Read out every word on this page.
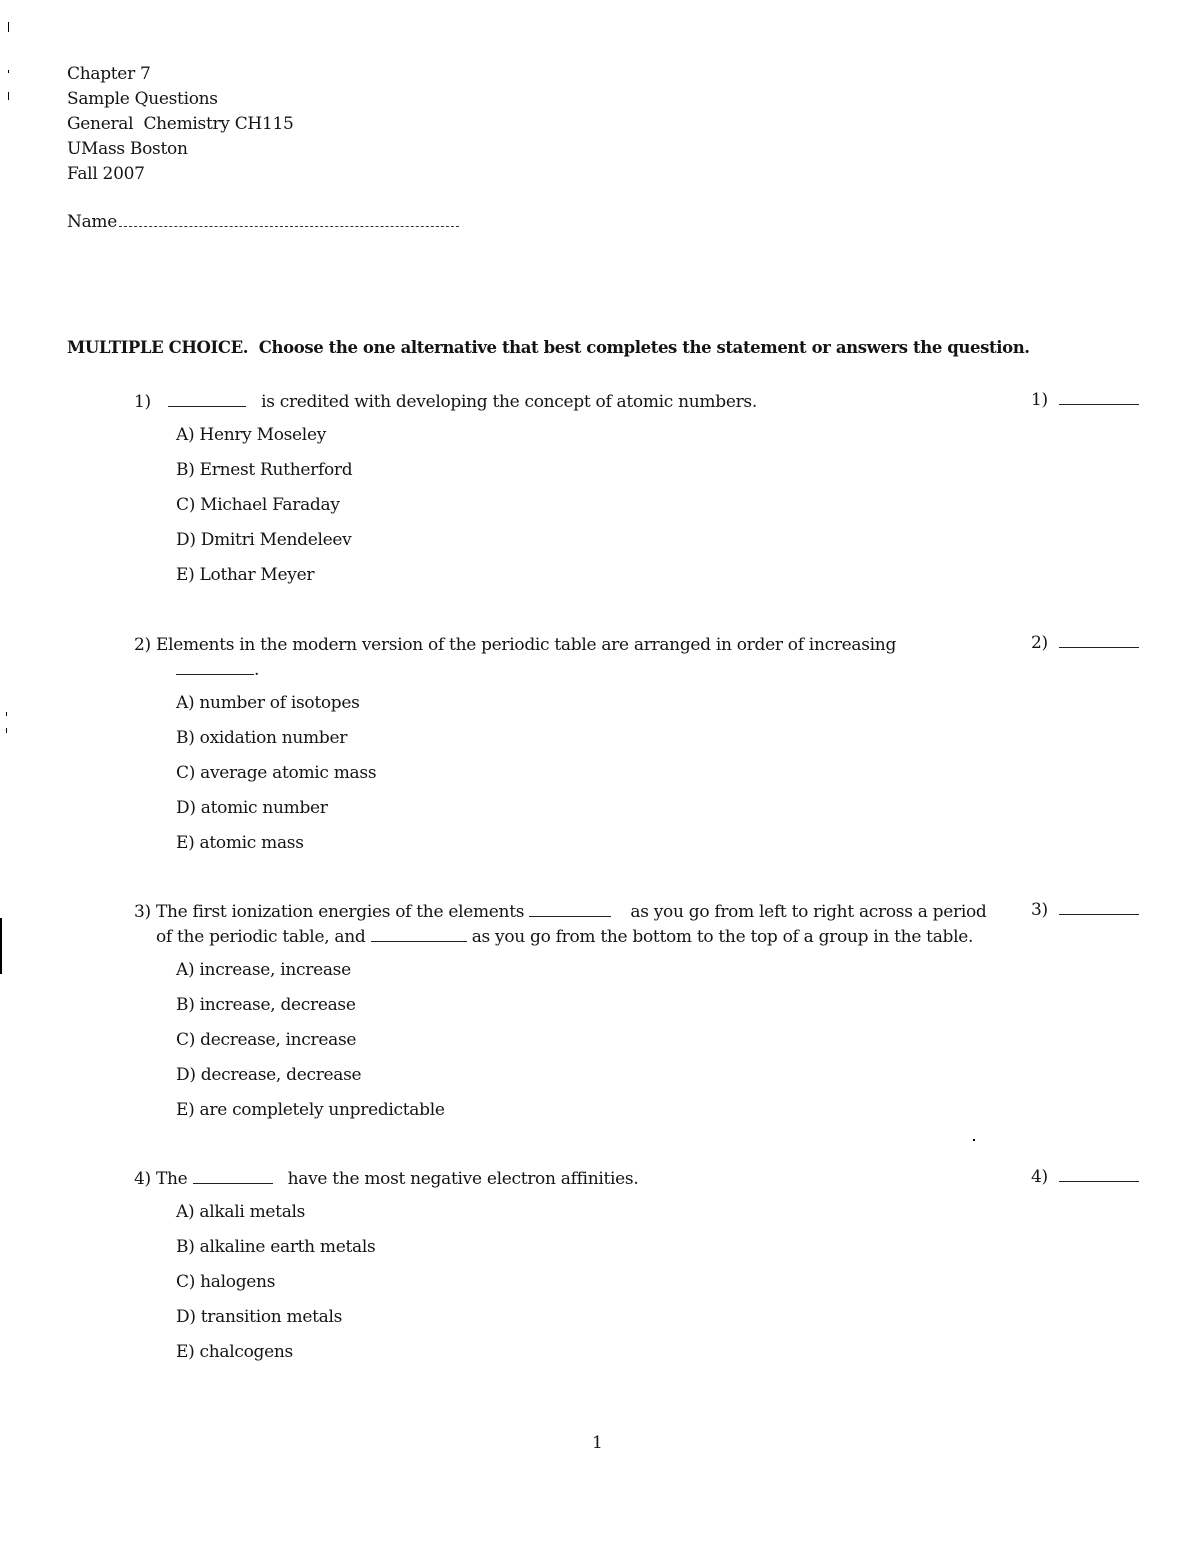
Chapter 7
Sample Questions
General  Chemistry CH115
UMass Boston
Fall 2007
Name
MULTIPLE CHOICE.  Choose the one alternative that best completes the statement or answers the question.
1)	is credited with developing the concept of atomic numbers.	1)
A) Henry Moseley
B) Ernest Rutherford
C) Michael Faraday
D) Dmitri Mendeleev
E) Lothar Meyer
2) Elements in the modern version of the periodic table are arranged in order of increasing
.
2)
A) number of isotopes
B) oxidation number
C) average atomic mass
D) atomic number
E) atomic mass
3) The first ionization energies of the elements	as you go from left to right across a period
of the periodic table, and	as you go from the bottom to the top of a group in the table.
3)
A) increase, increase
B) increase, decrease
C) decrease, increase
D) decrease, decrease
E) are completely unpredictable
4) The	have the most negative electron affinities.	4)
A) alkali metals
B) alkaline earth metals
C) halogens
D) transition metals
E) chalcogens
1
